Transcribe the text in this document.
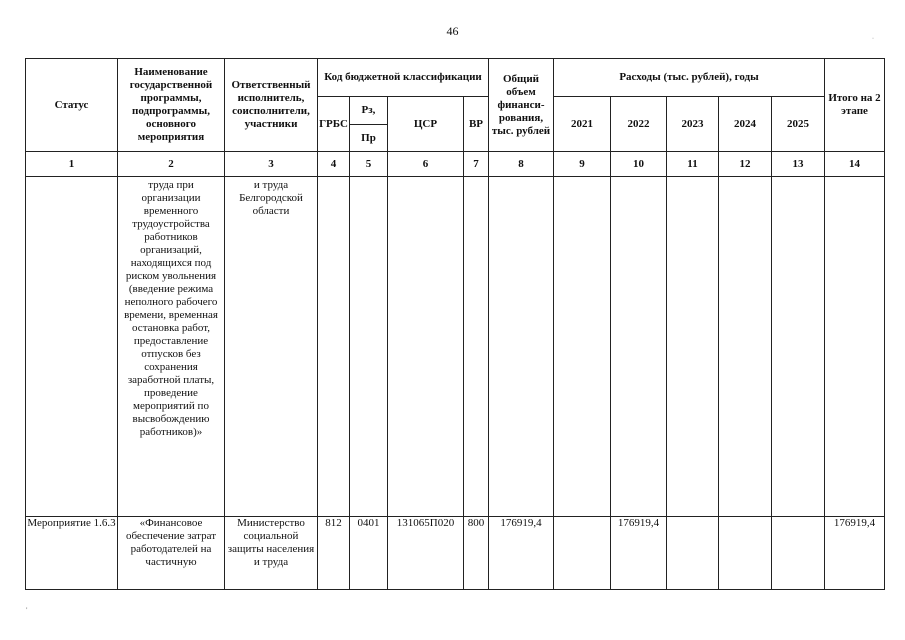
46
Статус	Наименование государственной программы, подпрограммы, основного мероприятия	Ответственный исполнитель, соисполнители, участники	Код бюджетной классификации				Общий объем финанси-рования, тыс. рублей	Расходы (тыс. рублей), годы					Итого на 2 этапе
			ГРБС	Рз,	ЦСР	ВР		2021	2022	2023	2024	2025	
				Пр									
1	2	3	4	5	6	7	8	9	10	11	12	13	14

	труда при организации временного трудоустройства работников организаций, находящихся под риском увольнения (введение режима неполного рабочего времени, временная остановка работ, предоставление отпусков без сохранения заработной платы, проведение мероприятий по высвобождению работников)»	и труда Белгородской области											

Мероприятие 1.6.3	«Финансовое обеспечение затрат работодателей на частичную	Министерство социальной защиты населения и труда	812	0401	131065П020	800	176919,4		176919,4				176919,4
·
,
